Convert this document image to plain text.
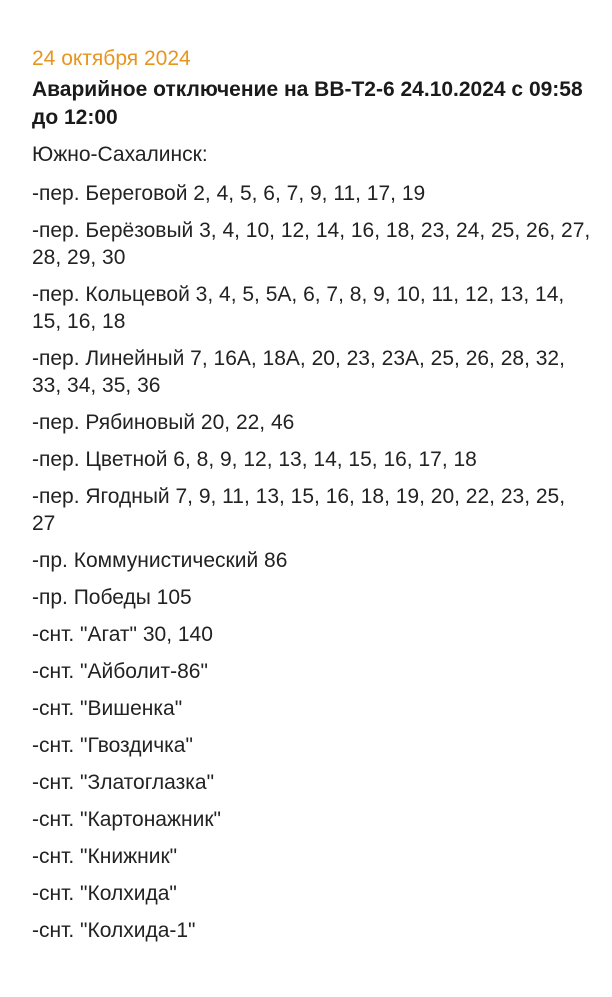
24 октября 2024

Аварийное отключение на ВВ-Т2-6 24.10.2024 с 09:58 до 12:00

Южно-Сахалинск:

-пер. Береговой 2, 4, 5, 6, 7, 9, 11, 17, 19
-пер. Берёзовый 3, 4, 10, 12, 14, 16, 18, 23, 24, 25, 26, 27, 28, 29, 30
-пер. Кольцевой 3, 4, 5, 5А, 6, 7, 8, 9, 10, 11, 12, 13, 14, 15, 16, 18
-пер. Линейный 7, 16А, 18А, 20, 23, 23А, 25, 26, 28, 32, 33, 34, 35, 36
-пер. Рябиновый 20, 22, 46
-пер. Цветной 6, 8, 9, 12, 13, 14, 15, 16, 17, 18
-пер. Ягодный 7, 9, 11, 13, 15, 16, 18, 19, 20, 22, 23, 25, 27
-пр. Коммунистический 86
-пр. Победы 105
-снт. "Агат" 30, 140
-снт. "Айболит-86"
-снт. "Вишенка"
-снт. "Гвоздичка"
-снт. "Златоглазка"
-снт. "Картонажник"
-снт. "Книжник"
-снт. "Колхида"
-снт. "Колхида-1"
